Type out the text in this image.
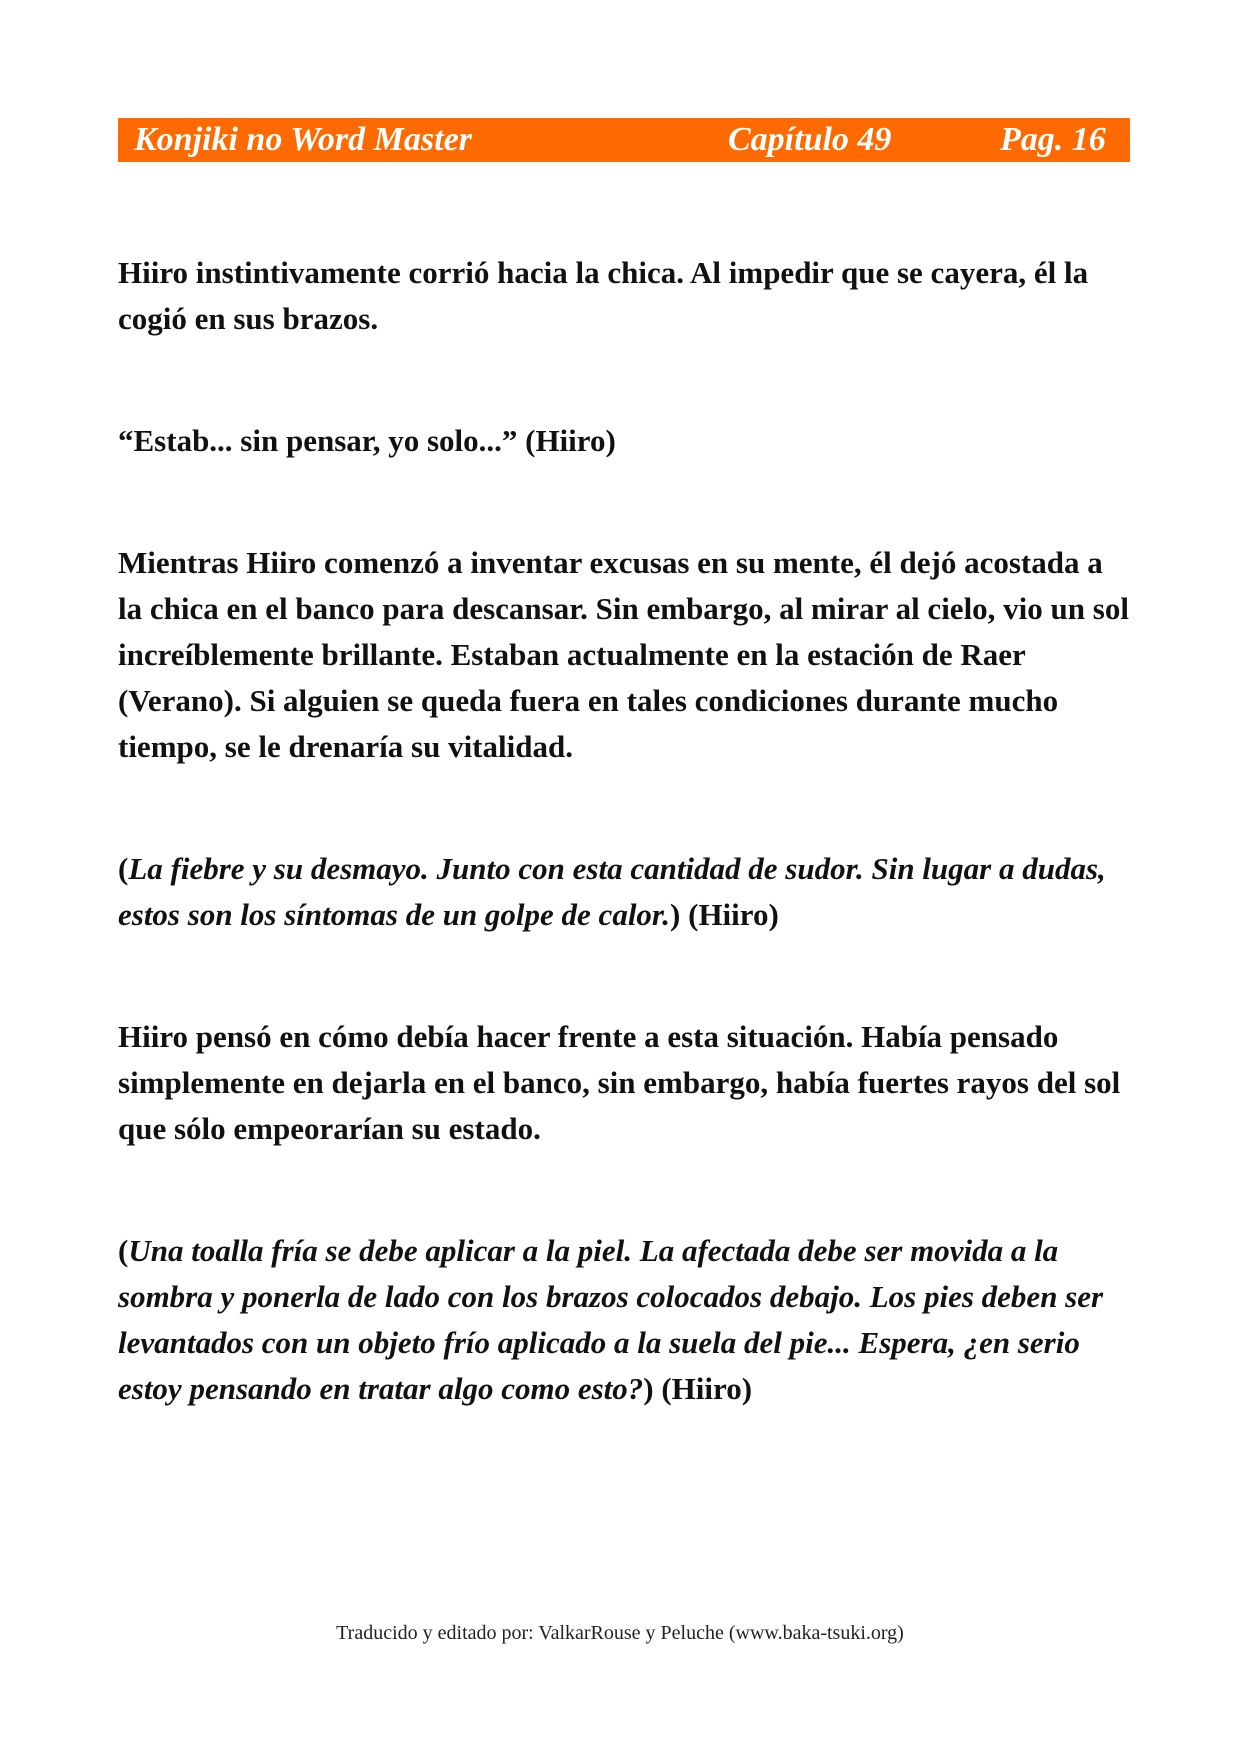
Konjiki no Word Master	Capítulo 49	Pag. 16

Hiiro instintivamente corrió hacia la chica. Al impedir que se cayera, él la cogió en sus brazos.

“Estab... sin pensar, yo solo...” (Hiiro)

Mientras Hiiro comenzó a inventar excusas en su mente, él dejó acostada a la chica en el banco para descansar. Sin embargo, al mirar al cielo, vio un sol increíblemente brillante. Estaban actualmente en la estación de Raer (Verano). Si alguien se queda fuera en tales condiciones durante mucho tiempo, se le drenaría su vitalidad.

(La fiebre y su desmayo. Junto con esta cantidad de sudor. Sin lugar a dudas, estos son los síntomas de un golpe de calor.) (Hiiro)

Hiiro pensó en cómo debía hacer frente a esta situación. Había pensado simplemente en dejarla en el banco, sin embargo, había fuertes rayos del sol que sólo empeorarían su estado.

(Una toalla fría se debe aplicar a la piel. La afectada debe ser movida a la sombra y ponerla de lado con los brazos colocados debajo. Los pies deben ser levantados con un objeto frío aplicado a la suela del pie... Espera, ¿en serio estoy pensando en tratar algo como esto?) (Hiiro)

Traducido y editado por: ValkarRouse y Peluche (www.baka-tsuki.org)
